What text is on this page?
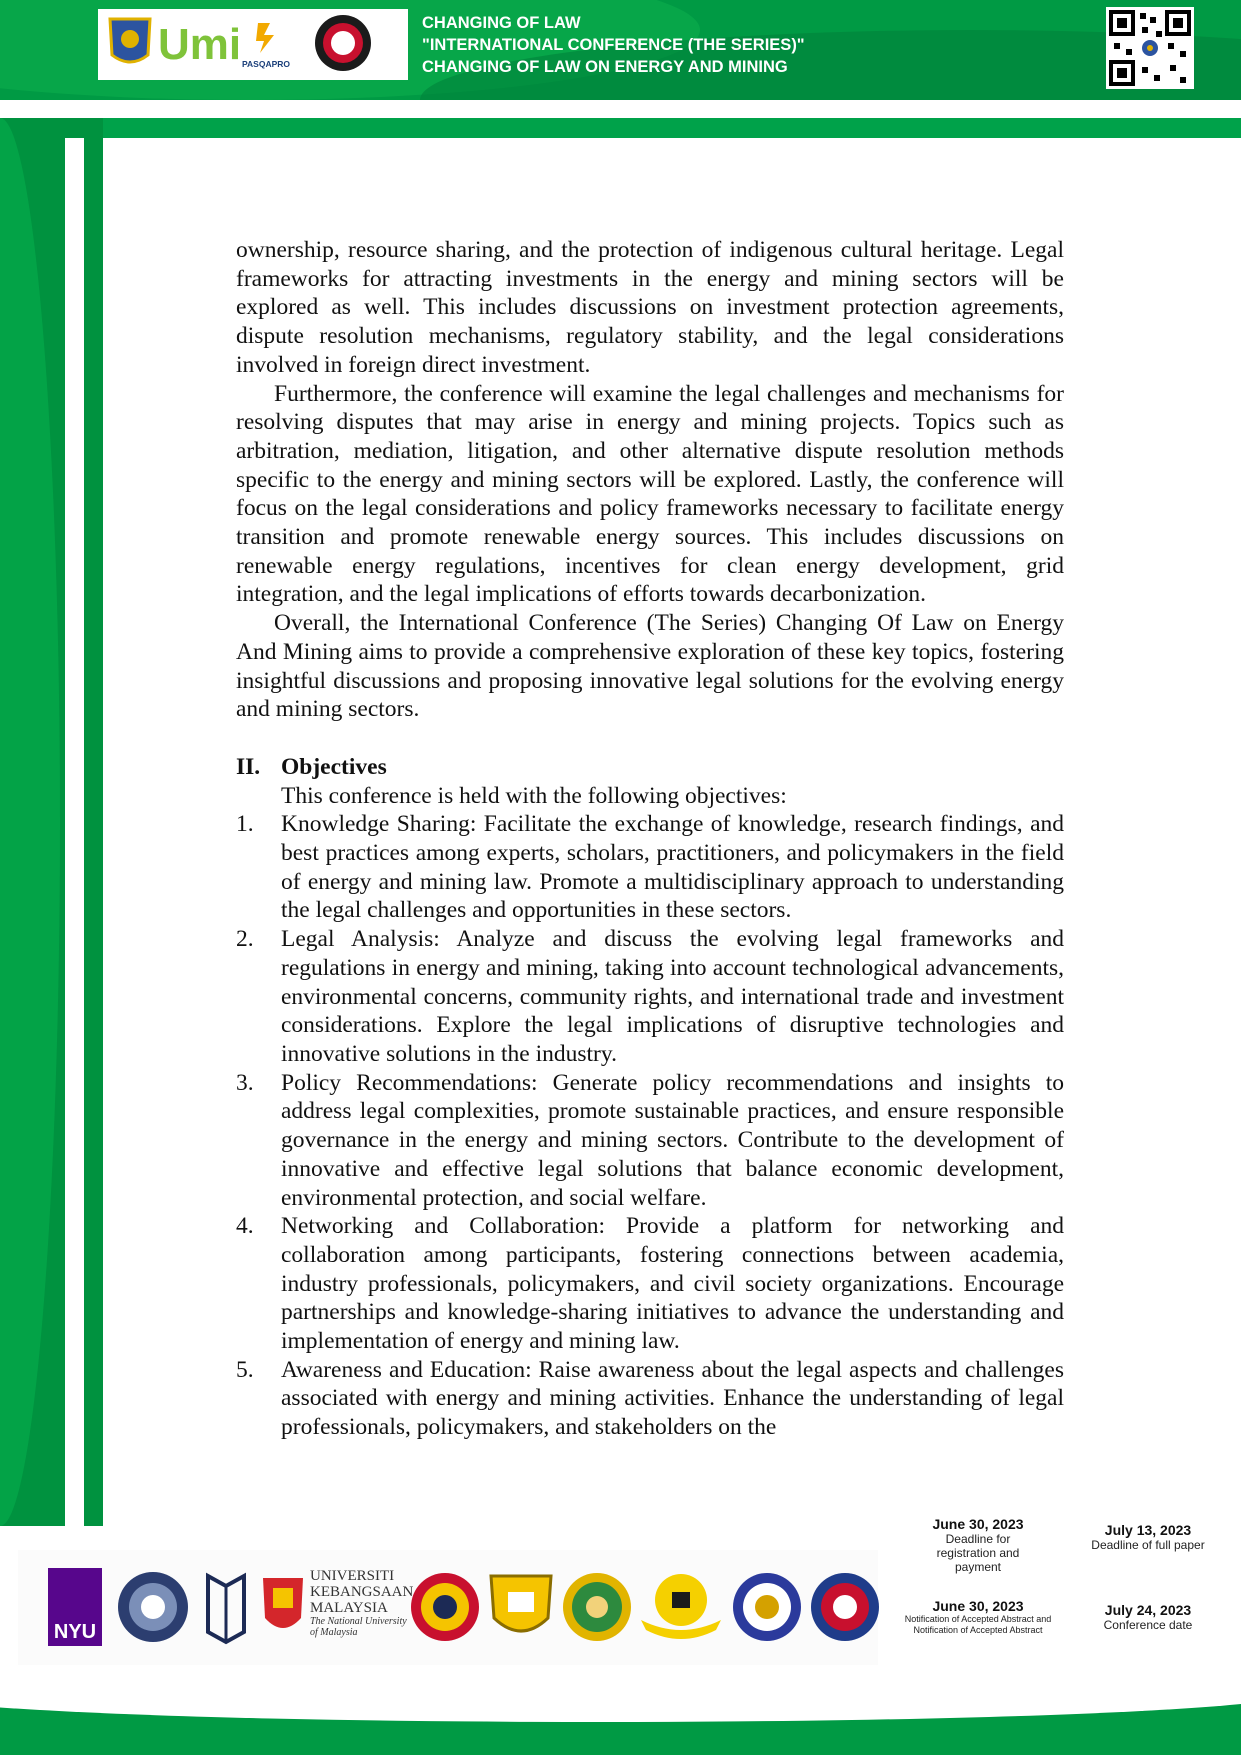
Umi PASQAPRO
CHANGING OF LAW
"INTERNATIONAL CONFERENCE (THE SERIES)"
CHANGING OF LAW ON ENERGY AND MINING

ownership, resource sharing, and the protection of indigenous cultural heritage. Legal frameworks for attracting investments in the energy and mining sectors will be explored as well. This includes discussions on investment protection agreements, dispute resolution mechanisms, regulatory stability, and the legal considerations involved in foreign direct investment.

Furthermore, the conference will examine the legal challenges and mechanisms for resolving disputes that may arise in energy and mining projects. Topics such as arbitration, mediation, litigation, and other alternative dispute resolution methods specific to the energy and mining sectors will be explored. Lastly, the conference will focus on the legal considerations and policy frameworks necessary to facilitate energy transition and promote renewable energy sources. This includes discussions on renewable energy regulations, incentives for clean energy development, grid integration, and the legal implications of efforts towards decarbonization.

Overall, the International Conference (The Series) Changing Of Law on Energy And Mining aims to provide a comprehensive exploration of these key topics, fostering insightful discussions and proposing innovative legal solutions for the evolving energy and mining sectors.

II. Objectives
This conference is held with the following objectives:
1.	Knowledge Sharing: Facilitate the exchange of knowledge, research findings, and best practices among experts, scholars, practitioners, and policymakers in the field of energy and mining law. Promote a multidisciplinary approach to understanding the legal challenges and opportunities in these sectors.
2.	Legal Analysis: Analyze and discuss the evolving legal frameworks and regulations in energy and mining, taking into account technological advancements, environmental concerns, community rights, and international trade and investment considerations. Explore the legal implications of disruptive technologies and innovative solutions in the industry.
3.	Policy Recommendations: Generate policy recommendations and insights to address legal complexities, promote sustainable practices, and ensure responsible governance in the energy and mining sectors. Contribute to the development of innovative and effective legal solutions that balance economic development, environmental protection, and social welfare.
4.	Networking and Collaboration: Provide a platform for networking and collaboration among participants, fostering connections between academia, industry professionals, policymakers, and civil society organizations. Encourage partnerships and knowledge-sharing initiatives to advance the understanding and implementation of energy and mining law.
5.	Awareness and Education: Raise awareness about the legal aspects and challenges associated with energy and mining activities. Enhance the understanding of legal professionals, policymakers, and stakeholders on the
NYU
UNIVERSITI
KEBANGSAAN
MALAYSIA
The National University
of Malaysia
June 30, 2023
Deadline for registration and payment
July 13, 2023
Deadline of full paper
June 30, 2023
Notification of Accepted Abstract and Notification of Accepted Abstract
July 24, 2023
Conference date
